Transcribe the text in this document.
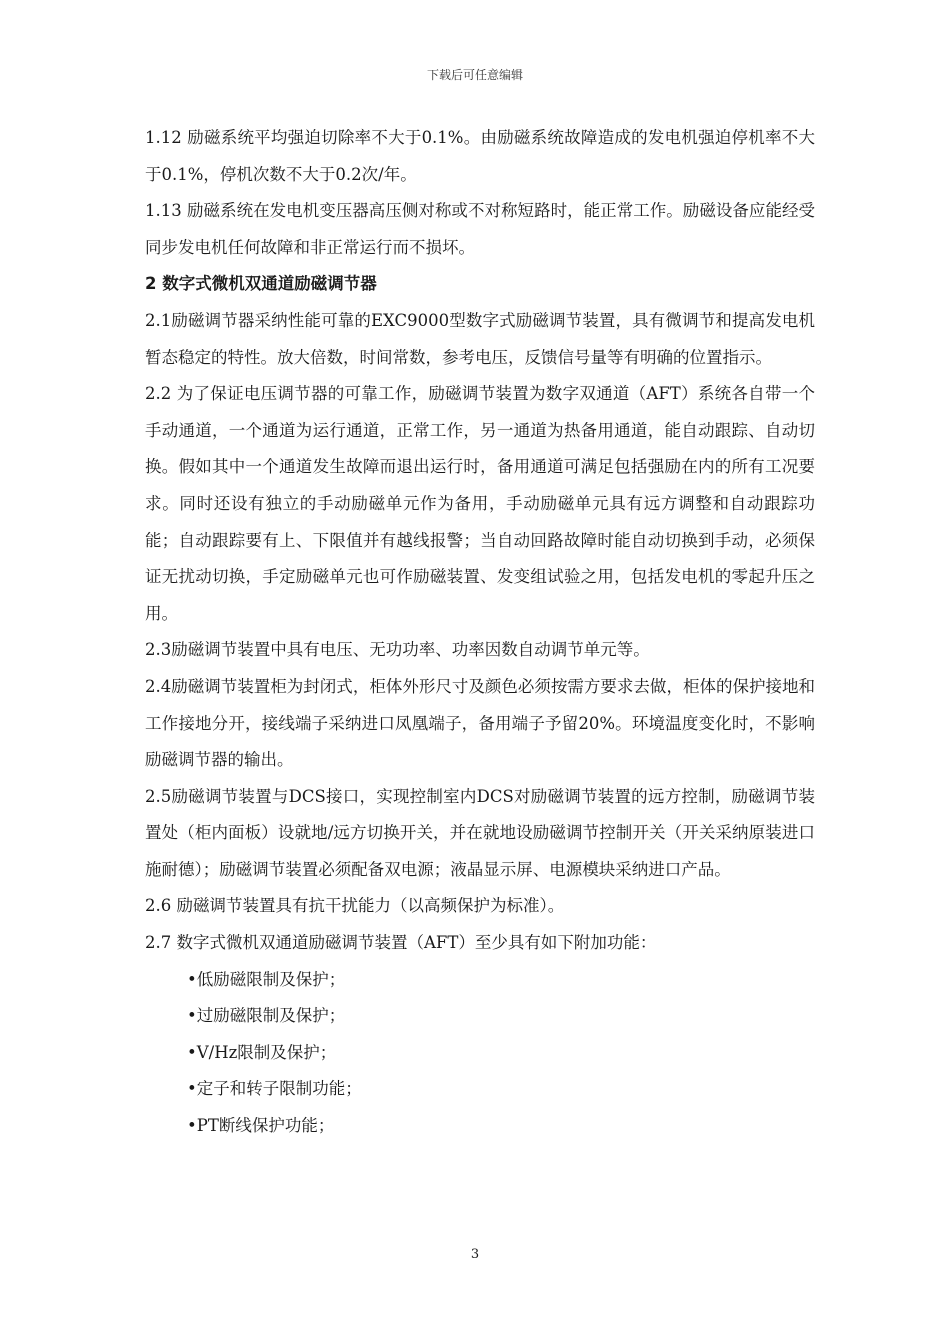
下载后可任意编辑

1.12 励磁系统平均强迫切除率不大于0.1%。由励磁系统故障造成的发电机强迫停机率不大于0.1%，停机次数不大于0.2次/年。

1.13 励磁系统在发电机变压器高压侧对称或不对称短路时，能正常工作。励磁设备应能经受同步发电机任何故障和非正常运行而不损坏。

2 数字式微机双通道励磁调节器

2.1励磁调节器采纳性能可靠的EXC9000型数字式励磁调节装置，具有微调节和提高发电机暂态稳定的特性。放大倍数，时间常数，参考电压，反馈信号量等有明确的位置指示。

2.2 为了保证电压调节器的可靠工作，励磁调节装置为数字双通道（AFT）系统各自带一个手动通道，一个通道为运行通道，正常工作，另一通道为热备用通道，能自动跟踪、自动切换。假如其中一个通道发生故障而退出运行时，备用通道可满足包括强励在内的所有工况要求。同时还设有独立的手动励磁单元作为备用，手动励磁单元具有远方调整和自动跟踪功能；自动跟踪要有上、下限值并有越线报警；当自动回路故障时能自动切换到手动，必须保证无扰动切换，手定励磁单元也可作励磁装置、发变组试验之用，包括发电机的零起升压之用。

2.3励磁调节装置中具有电压、无功功率、功率因数自动调节单元等。

2.4励磁调节装置柜为封闭式，柜体外形尺寸及颜色必须按需方要求去做，柜体的保护接地和工作接地分开，接线端子采纳进口凤凰端子，备用端子予留20%。环境温度变化时，不影响励磁调节器的输出。

2.5励磁调节装置与DCS接口，实现控制室内DCS对励磁调节装置的远方控制，励磁调节装置处（柜内面板）设就地/远方切换开关，并在就地设励磁调节控制开关（开关采纳原装进口施耐德）；励磁调节装置必须配备双电源；液晶显示屏、电源模块采纳进口产品。

2.6 励磁调节装置具有抗干扰能力（以高频保护为标准）。

2.7 数字式微机双通道励磁调节装置（AFT）至少具有如下附加功能：

•低励磁限制及保护；

•过励磁限制及保护；

•V/Hz限制及保护；

•定子和转子限制功能；

•PT断线保护功能；

3
